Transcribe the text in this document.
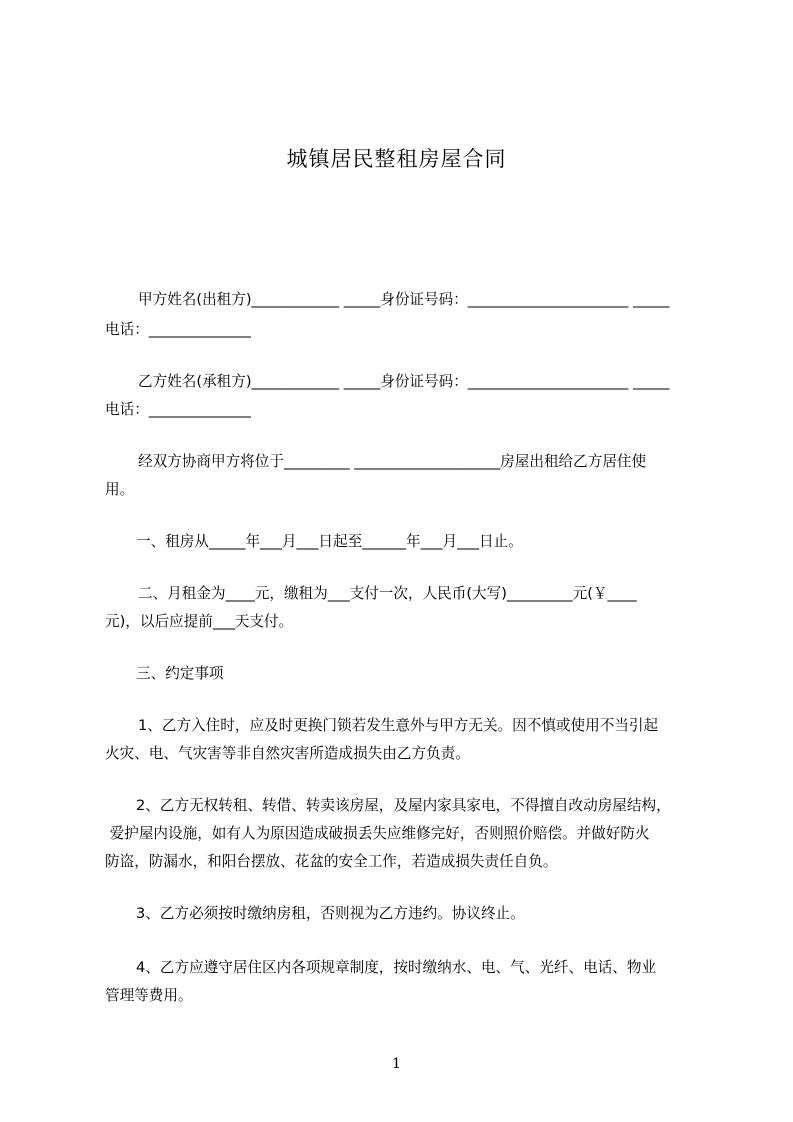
城镇居民整租房屋合同
甲方姓名(出租方)____________ _____身份证号码：______________________ _____
电话：______________
乙方姓名(承租方)____________ _____身份证号码：______________________ _____
电话：______________
经双方协商甲方将位于_________ ____________________房屋出租给乙方居住使
用。
一、租房从_____年___月___日起至______年___月___日止。
二、月租金为____元，缴租为___支付一次，人民币(大写)_________元(￥____
元)，以后应提前___天支付。
三、约定事项
1、乙方入住时，应及时更换门锁若发生意外与甲方无关。因不慎或使用不当引起
火灾、电、气灾害等非自然灾害所造成损失由乙方负责。
2、乙方无权转租、转借、转卖该房屋，及屋内家具家电，不得擅自改动房屋结构，
爱护屋内设施，如有人为原因造成破损丢失应维修完好，否则照价赔偿。并做好防火
防盗，防漏水，和阳台摆放、花盆的安全工作，若造成损失责任自负。
3、乙方必须按时缴纳房租，否则视为乙方违约。协议终止。
4、乙方应遵守居住区内各项规章制度，按时缴纳水、电、气、光纤、电话、物业
管理等费用。
1
